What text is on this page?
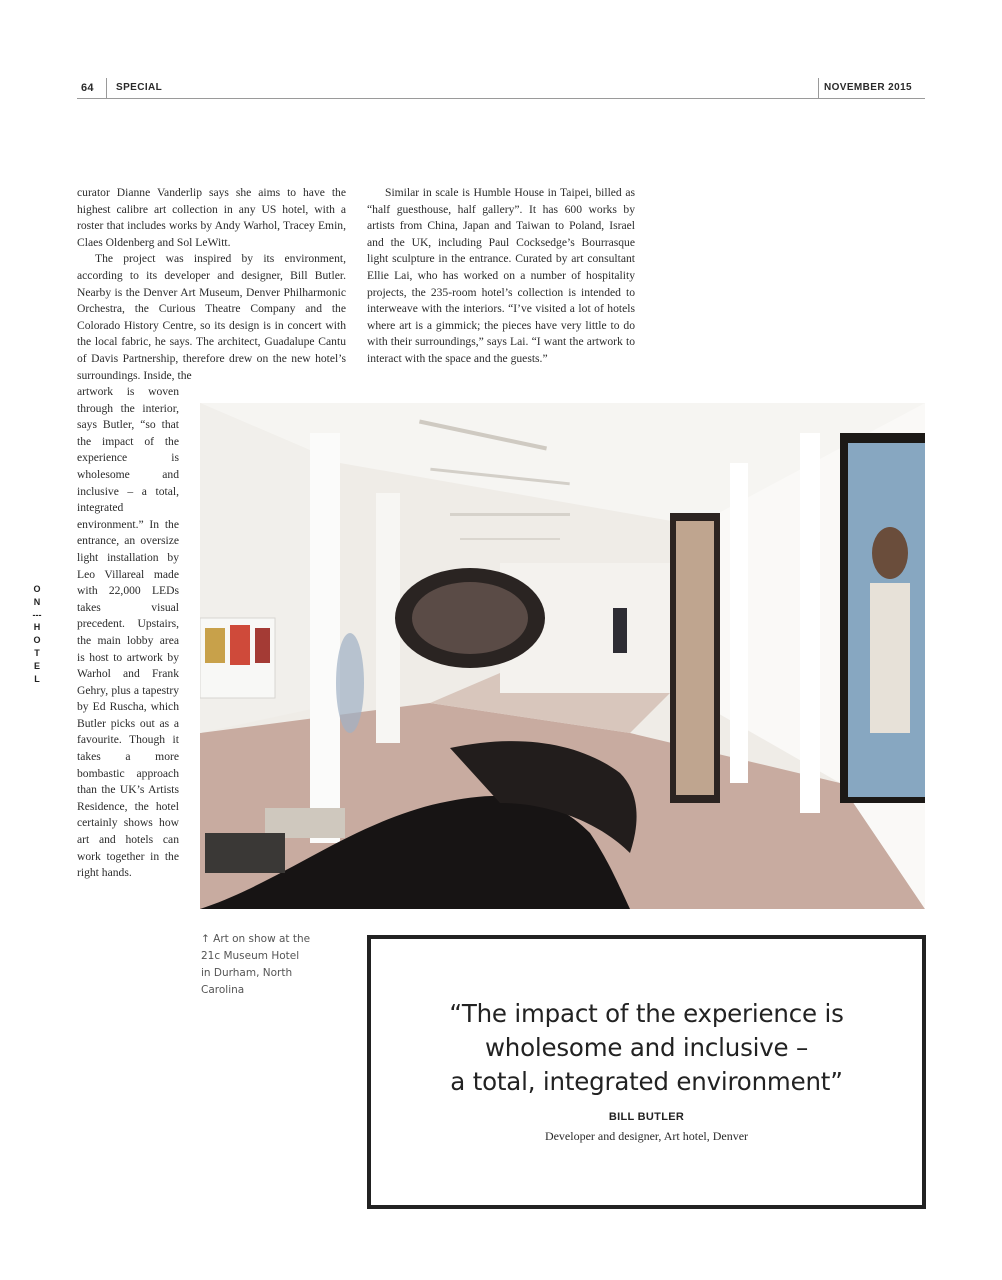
64 SPECIAL	NOVEMBER 2015
O
N
---
H
O
T
E
L

curator Dianne Vanderlip says she aims to have the highest calibre art collection in any US hotel, with a roster that includes works by Andy Warhol, Tracey Emin, Claes Oldenberg and Sol LeWitt.

The project was inspired by its environment, according to its developer and designer, Bill Butler. Nearby is the Denver Art Museum, Denver Philharmonic Orchestra, the Curious Theatre Company and the Colorado History Centre, so its design is in concert with the local fabric, he says. The architect, Guadalupe Cantu of Davis Partnership, therefore drew on the new hotel’s surroundings. Inside, the

artwork is woven through the interior, says Butler, “so that the impact of the experience is wholesome and inclusive – a total, integrated environment.” In the entrance, an oversize light installation by Leo Villareal made with 22,000 LEDs takes visual precedent. Upstairs, the main lobby area is host to artwork by Warhol and Frank Gehry, plus a tapestry by Ed Ruscha, which Butler picks out as a favourite. Though it takes a more bombastic approach than the UK’s Artists Residence, the hotel certainly shows how art and hotels can work together in the right hands.

Similar in scale is Humble House in Taipei, billed as “half guesthouse, half gallery”. It has 600 works by artists from China, Japan and Taiwan to Poland, Israel and the UK, including Paul Cocksedge’s Bourrasque light sculpture in the entrance. Curated by art consultant Ellie Lai, who has worked on a number of hospitality projects, the 235-room hotel’s collection is intended to interweave with the interiors. “I’ve visited a lot of hotels where art is a gimmick; the pieces have very little to do with their surroundings,” says Lai. “I want the artwork to interact with the space and the guests.”

↑ Art on show at the 21c Museum Hotel in Durham, North Carolina
“The impact of the experience is
wholesome and inclusive –
a total, integrated environment”
BILL BUTLER
Developer and designer, Art hotel, Denver
